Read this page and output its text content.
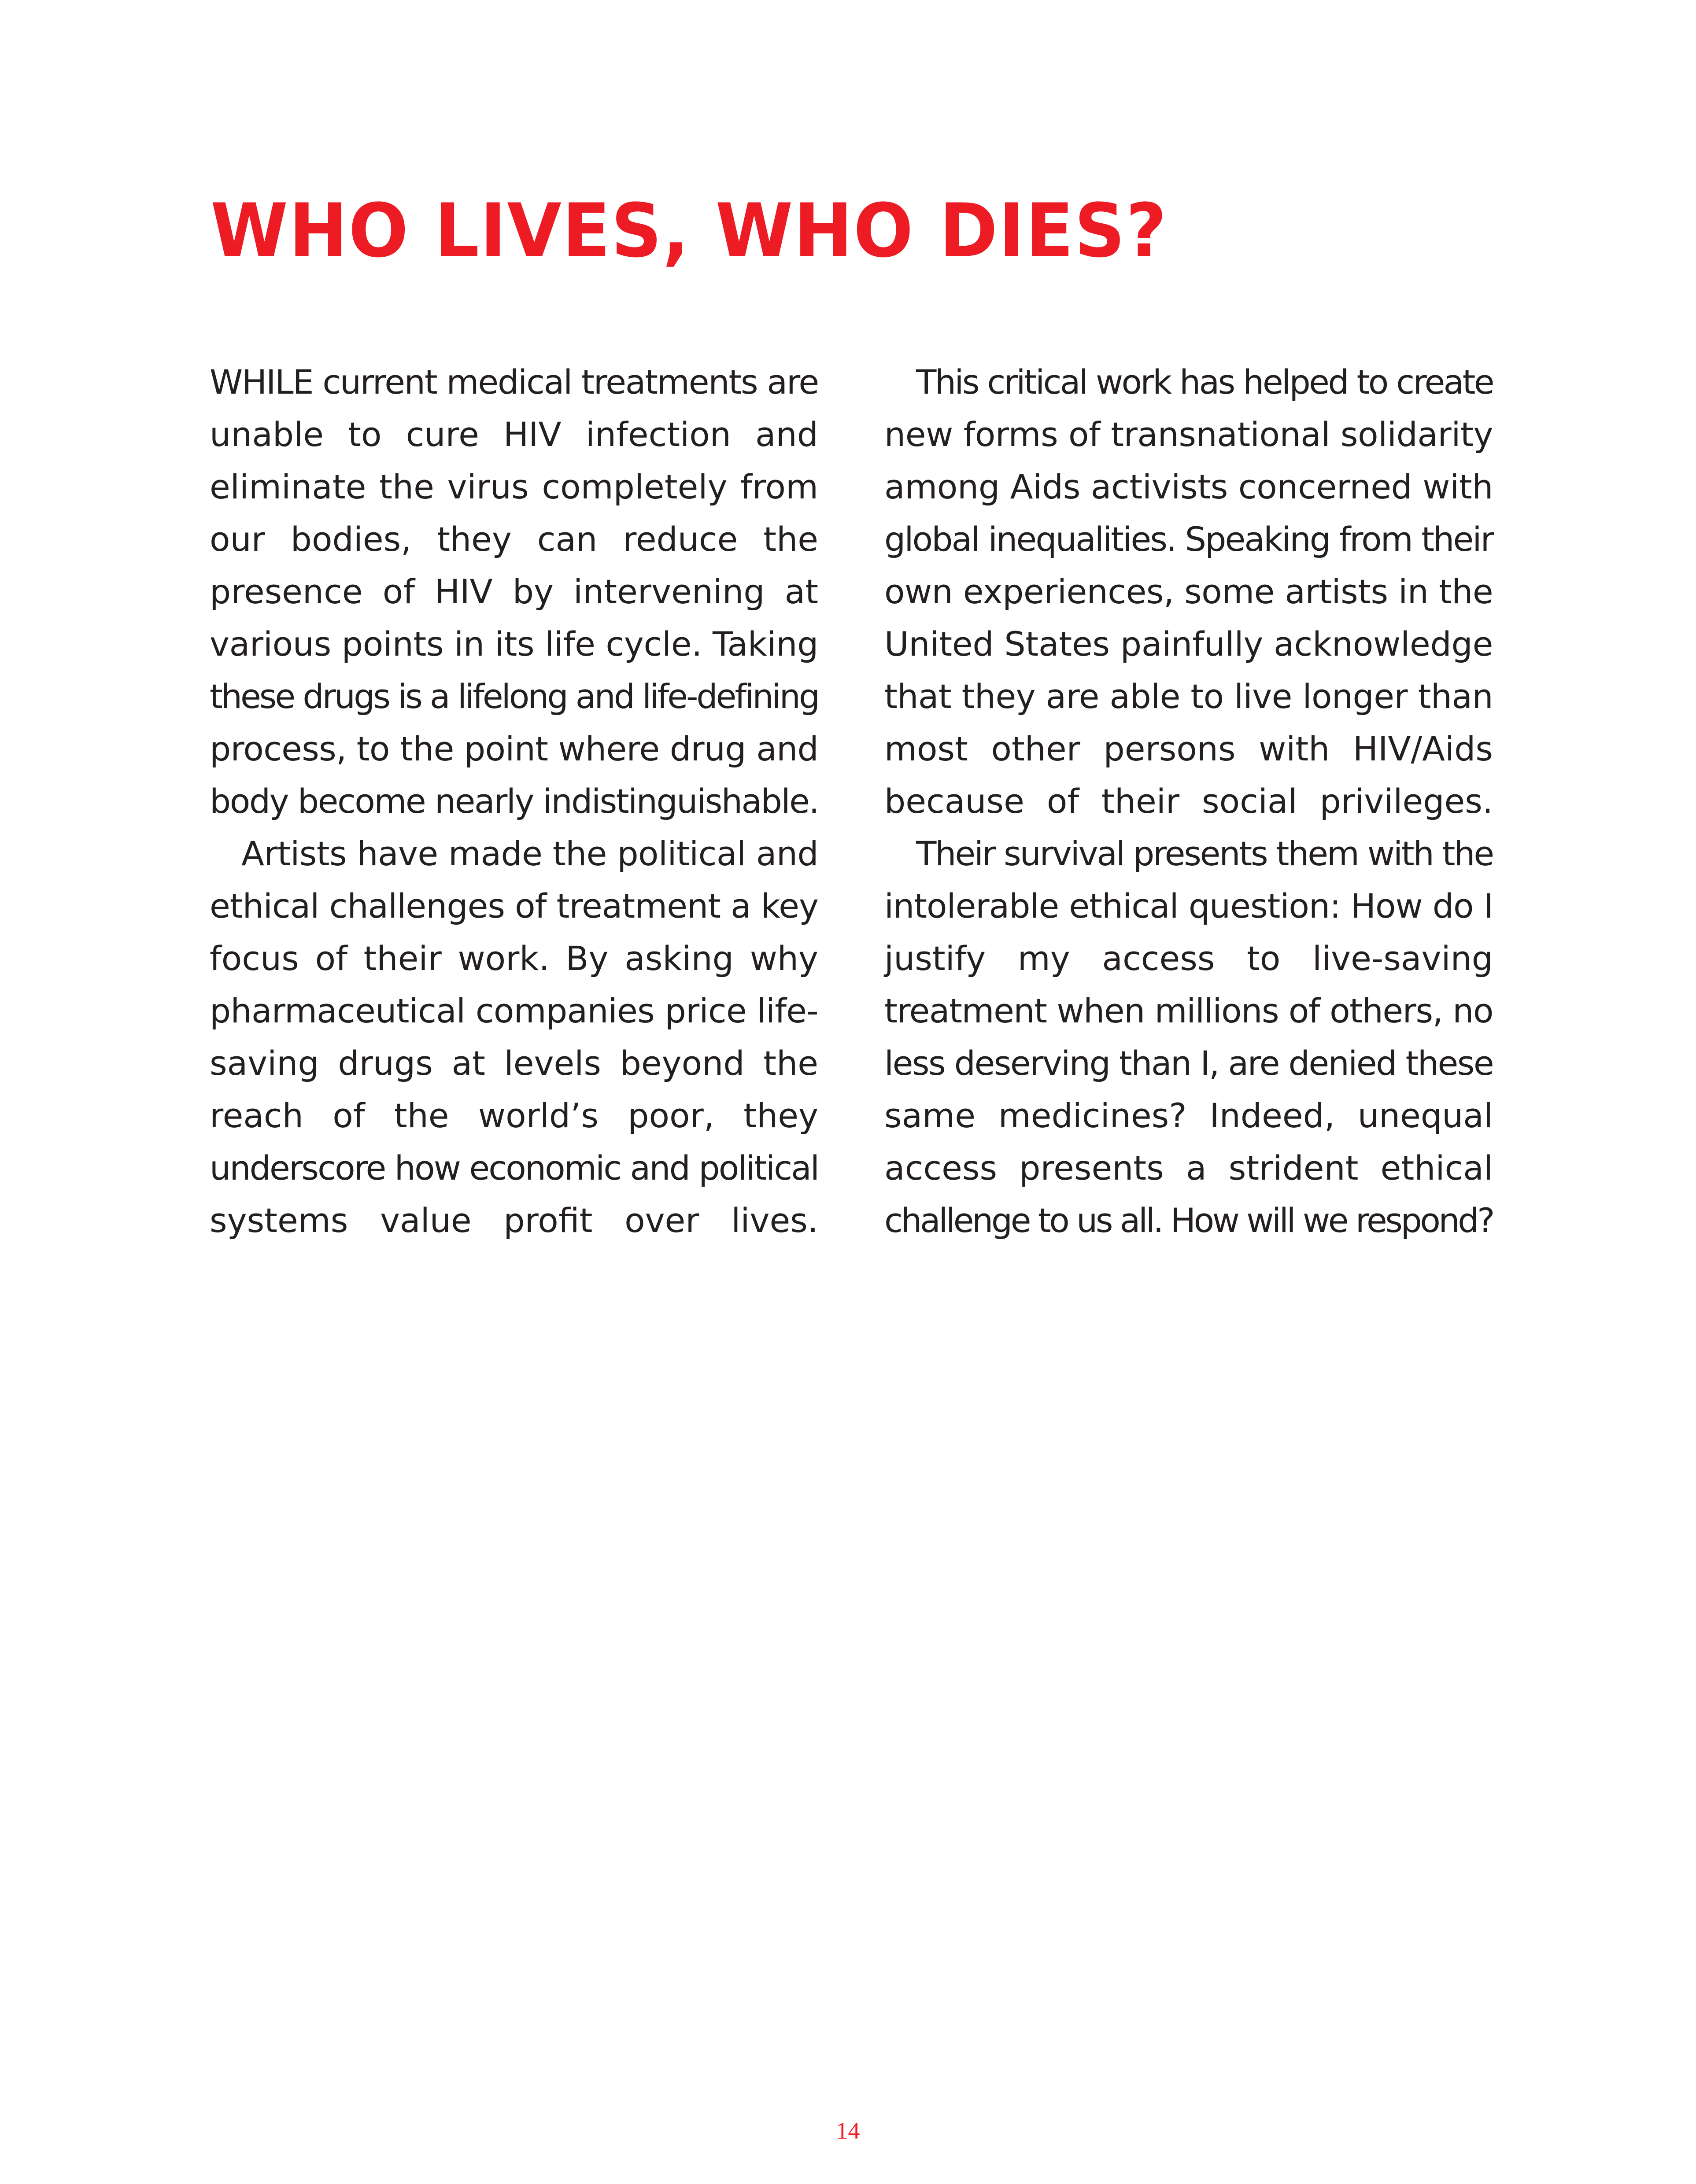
WHO LIVES, WHO DIES?
WHILE current medical treatments are
unable to cure HIV infection and
eliminate the virus completely from
our bodies, they can reduce the
presence of HIV by intervening at
various points in its life cycle. Taking
these drugs is a lifelong and life-defining
process, to the point where drug and
body become nearly indistinguishable.
Artists have made the political and
ethical challenges of treatment a key
focus of their work. By asking why
pharmaceutical companies price life-
saving drugs at levels beyond the
reach of the world’s poor, they
underscore how economic and political
systems value profit over lives.
This critical work has helped to create
new forms of transnational solidarity
among Aids activists concerned with
global inequalities. Speaking from their
own experiences, some artists in the
United States painfully acknowledge
that they are able to live longer than
most other persons with HIV/Aids
because of their social privileges.
Their survival presents them with the
intolerable ethical question: How do I
justify my access to live-saving
treatment when millions of others, no
less deserving than I, are denied these
same medicines? Indeed, unequal
access presents a strident ethical
challenge to us all. How will we respond?
14
